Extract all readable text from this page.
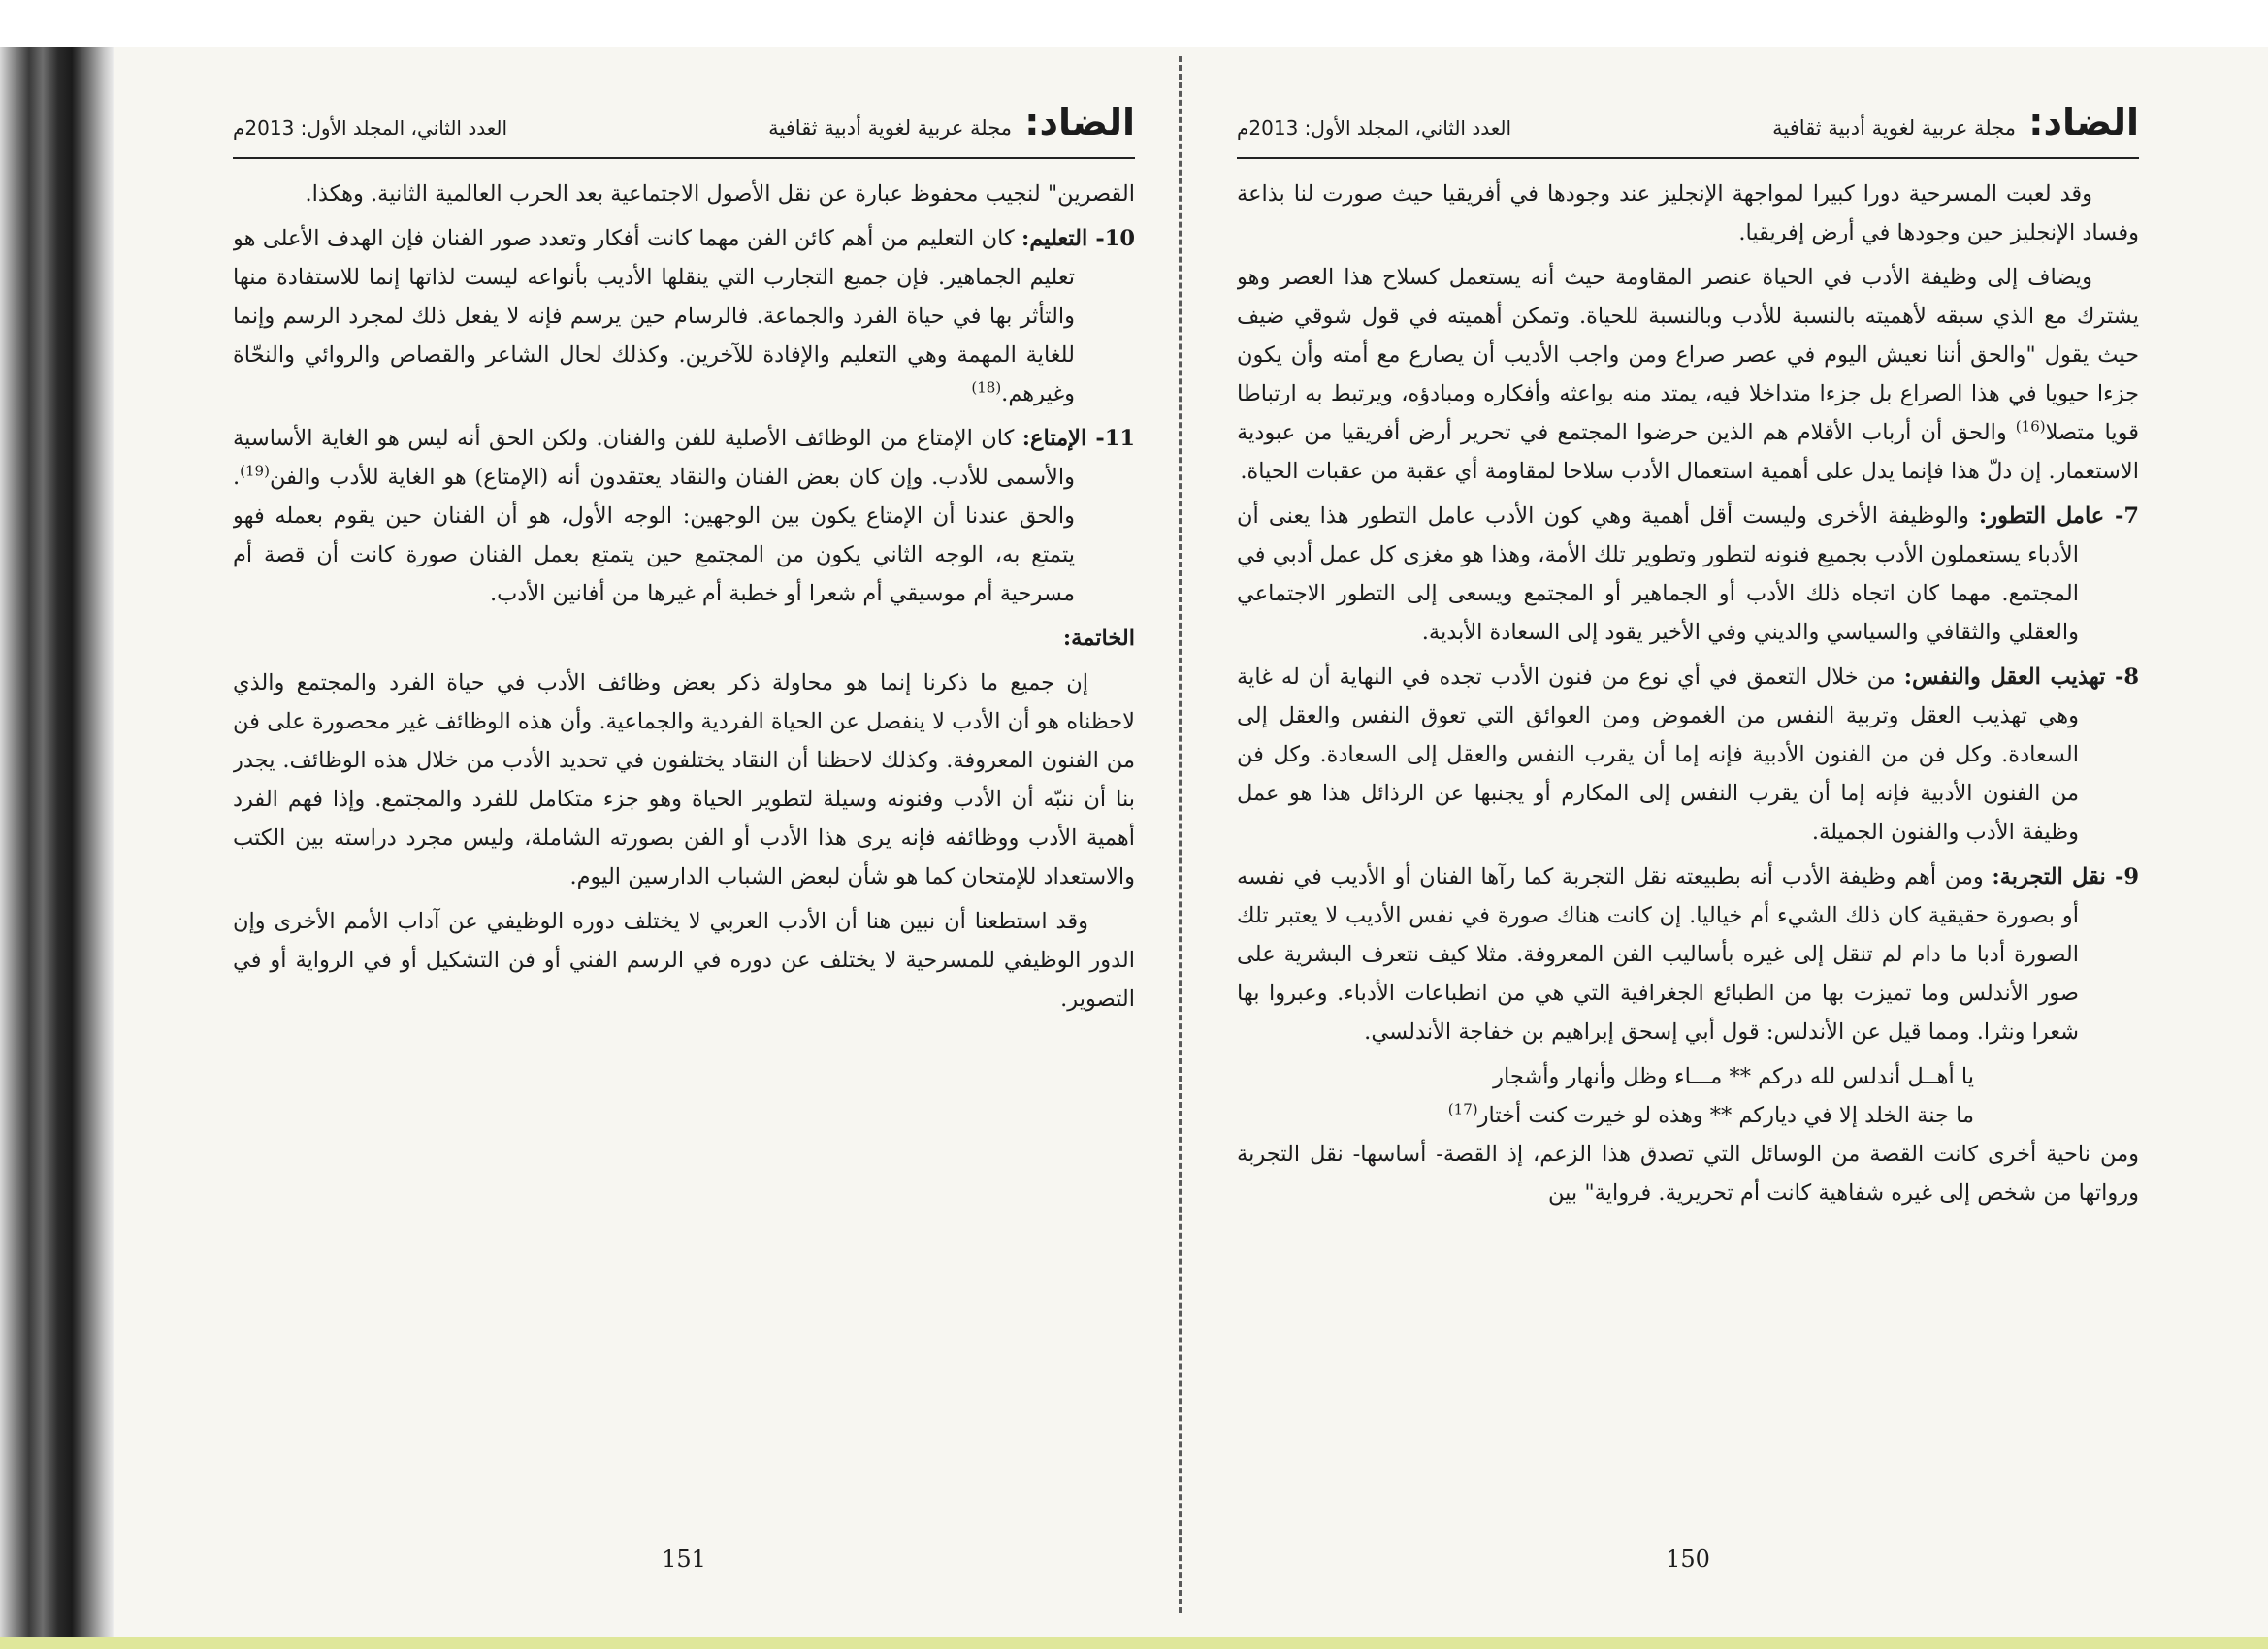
الضاد: مجلة عربية لغوية أدبية ثقافية
العدد الثاني، المجلد الأول: 2013م

القصرين" لنجيب محفوظ عبارة عن نقل الأصول الاجتماعية بعد الحرب العالمية الثانية. وهكذا.

10- التعليم: كان التعليم من أهم كائن الفن مهما كانت أفكار وتعدد صور الفنان فإن الهدف الأعلى هو تعليم الجماهير. فإن جميع التجارب التي ينقلها الأديب بأنواعه ليست لذاتها إنما للاستفادة منها والتأثر بها في حياة الفرد والجماعة. فالرسام حين يرسم فإنه لا يفعل ذلك لمجرد الرسم وإنما للغاية المهمة وهي التعليم والإفادة للآخرين. وكذلك لحال الشاعر والقصاص والروائي والنحّاة وغيرهم.$^{(18)}$

11- الإمتاع: كان الإمتاع من الوظائف الأصلية للفن والفنان. ولكن الحق أنه ليس هو الغاية الأساسية والأسمى للأدب. وإن كان بعض الفنان والنقاد يعتقدون أنه (الإمتاع) هو الغاية للأدب والفن$^{(19)}$. والحق عندنا أن الإمتاع يكون بين الوجهين: الوجه الأول، هو أن الفنان حين يقوم بعمله فهو يتمتع به، الوجه الثاني يكون من المجتمع حين يتمتع بعمل الفنان صورة كانت أن قصة أم مسرحية أم موسيقي أم شعرا أو خطبة أم غيرها من أفانين الأدب.

الخاتمة:

إن جميع ما ذكرنا إنما هو محاولة ذكر بعض وظائف الأدب في حياة الفرد والمجتمع والذي لاحظناه هو أن الأدب لا ينفصل عن الحياة الفردية والجماعية. وأن هذه الوظائف غير محصورة على فن من الفنون المعروفة. وكذلك لاحظنا أن النقاد يختلفون في تحديد الأدب من خلال هذه الوظائف. يجدر بنا أن ننبّه أن الأدب وفنونه وسيلة لتطوير الحياة وهو جزء متكامل للفرد والمجتمع. وإذا فهم الفرد أهمية الأدب ووظائفه فإنه يرى هذا الأدب أو الفن بصورته الشاملة، وليس مجرد دراسته بين الكتب والاستعداد للإمتحان كما هو شأن لبعض الشباب الدارسين اليوم.

وقد استطعنا أن نبين هنا أن الأدب العربي لا يختلف دوره الوظيفي عن آداب الأمم الأخرى وإن الدور الوظيفي للمسرحية لا يختلف عن دوره في الرسم الفني أو فن التشكيل أو في الرواية أو في التصوير.

151
الضاد: مجلة عربية لغوية أدبية ثقافية
العدد الثاني، المجلد الأول: 2013م

وقد لعبت المسرحية دورا كبيرا لمواجهة الإنجليز عند وجودها في أفريقيا حيث صورت لنا بذاعة وفساد الإنجليز حين وجودها في أرض إفريقيا.

ويضاف إلى وظيفة الأدب في الحياة عنصر المقاومة حيث أنه يستعمل كسلاح هذا العصر وهو يشترك مع الذي سبقه لأهميته بالنسبة للأدب وبالنسبة للحياة. وتمكن أهميته في قول شوقي ضيف حيث يقول "والحق أننا نعيش اليوم في عصر صراع ومن واجب الأديب أن يصارع مع أمته وأن يكون جزءا حيويا في هذا الصراع بل جزءا متداخلا فيه، يمتد منه بواعثه وأفكاره ومبادؤه، ويرتبط به ارتباطا قويا متصلا$^{(16)}$ والحق أن أرباب الأقلام هم الذين حرضوا المجتمع في تحرير أرض أفريقيا من عبودية الاستعمار. إن دلّ هذا فإنما يدل على أهمية استعمال الأدب سلاحا لمقاومة أي عقبة من عقبات الحياة.

7- عامل التطور: والوظيفة الأخرى وليست أقل أهمية وهي كون الأدب عامل التطور هذا يعنى أن الأدباء يستعملون الأدب بجميع فنونه لتطور وتطوير تلك الأمة، وهذا هو مغزى كل عمل أدبي في المجتمع. مهما كان اتجاه ذلك الأدب أو الجماهير أو المجتمع ويسعى إلى التطور الاجتماعي والعقلي والثقافي والسياسي والديني وفي الأخير يقود إلى السعادة الأبدية.

8- تهذيب العقل والنفس: من خلال التعمق في أي نوع من فنون الأدب تجده في النهاية أن له غاية وهي تهذيب العقل وتربية النفس من الغموض ومن العوائق التي تعوق النفس والعقل إلى السعادة. وكل فن من الفنون الأدبية فإنه إما أن يقرب النفس والعقل إلى السعادة. وكل فن من الفنون الأدبية فإنه إما أن يقرب النفس إلى المكارم أو يجنبها عن الرذائل هذا هو عمل وظيفة الأدب والفنون الجميلة.

9- نقل التجربة: ومن أهم وظيفة الأدب أنه بطبيعته نقل التجربة كما رآها الفنان أو الأديب في نفسه أو بصورة حقيقية كان ذلك الشيء أم خياليا. إن كانت هناك صورة في نفس الأديب لا يعتبر تلك الصورة أدبا ما دام لم تنقل إلى غيره بأساليب الفن المعروفة. مثلا كيف نتعرف البشرية على صور الأندلس وما تميزت بها من الطبائع الجغرافية التي هي من انطباعات الأدباء. وعبروا بها شعرا ونثرا. ومما قيل عن الأندلس: قول أبي إسحق إبراهيم بن خفاجة الأندلسي.

يا أهــل أندلس لله دركم ** مـــاء وظل وأنهار وأشجار

ما جنة الخلد إلا في دياركم ** وهذه لو خيرت كنت أختار$^{(17)}$

ومن ناحية أخرى كانت القصة من الوسائل التي تصدق هذا الزعم، إذ القصة- أساسها- نقل التجربة ورواتها من شخص إلى غيره شفاهية كانت أم تحريرية. فرواية" بين

150
